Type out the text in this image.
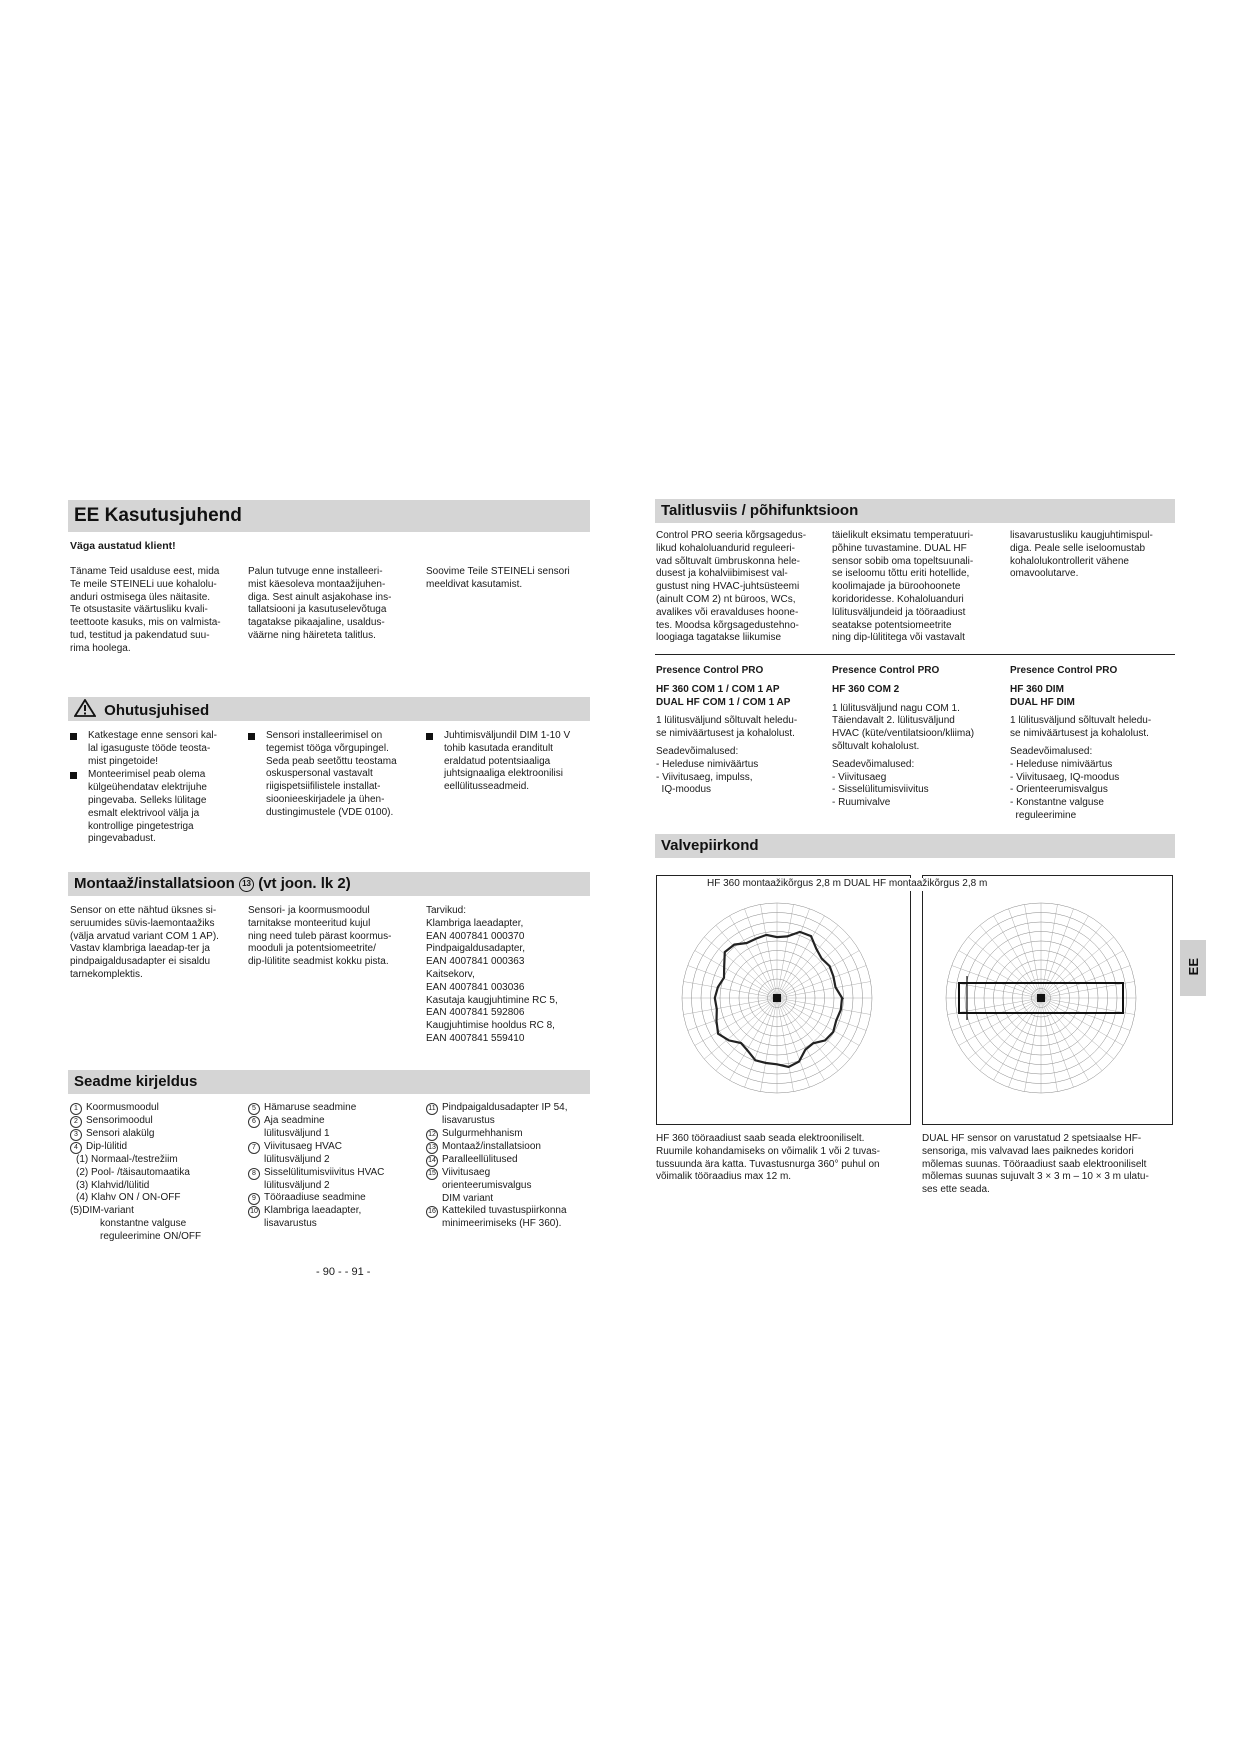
EE Kasutusjuhend
Väga austatud klient!
Täname Teid usalduse eest, mida
Te meile STEINELi uue kohalolu-
anduri ostmisega üles näitasite.
Te otsustasite väärtusliku kvali-
teettoote kasuks, mis on valmista-
tud, testitud ja pakendatud suu-
rima hoolega.
Palun tutvuge enne installeeri-
mist käesoleva montaažijuhen-
diga. Sest ainult asjakohase ins-
tallatsiooni ja kasutuselevõtuga
tagatakse pikaajaline, usaldus-
väärne ning häireteta talitlus.
Soovime Teile STEINELi sensori
meeldivat kasutamist.
Ohutusjuhised
Katkestage enne sensori kal-
lal igasuguste tööde teosta-
mist pingetoide!
Monteerimisel peab olema
külgeühendatav elektrijuhe
pingevaba. Selleks lülitage
esmalt elektrivool välja ja
kontrollige pingetestriga
pingevabadust.
Sensori installeerimisel on
tegemist tööga võrgupingel.
Seda peab seetõttu teostama
oskuspersonal vastavalt
riigispetsiifilistele installat-
sioonieeskirjadele ja ühen-
dustingimustele (VDE 0100).
Juhtimisväljundil DIM 1-10 V
tohib kasutada eranditult
eraldatud potentsiaaliga
juhtsignaaliga elektroonilisi
eellülitusseadmeid.
Montaaž/installatsioon 13 (vt joon. lk 2)
Sensor on ette nähtud üksnes si-
seruumides süvis-laemontaažiks
(välja arvatud variant COM 1 AP).
Vastav klambriga laeadap-ter ja
pindpaigaldusadapter ei sisaldu
tarnekomplektis.
Sensori- ja koormusmoodul
tarnitakse monteeritud kujul
ning need tuleb pärast koormus-
mooduli ja potentsiomeetrite/
dip-lülitite seadmist kokku pista.
Tarvikud:
Klambriga laeadapter,
EAN 4007841 000370
Pindpaigaldusadapter,
EAN 4007841 000363
Kaitsekorv,
EAN 4007841 003036
Kasutaja kaugjuhtimine RC 5,
EAN 4007841 592806
Kaugjuhtimise hooldus RC 8,
EAN 4007841 559410
Seadme kirjeldus
1 Koormusmoodul
2 Sensorimoodul
3 Sensori alakülg
4 Dip-lülitid
(1) Normaal-/testrežiim
(2) Pool- /täisautomaatika
(3) Klahvid/lülitid
(4) Klahv ON / ON-OFF
(5)DIM-variant
konstantne valguse
reguleerimine ON/OFF
5 Hämaruse seadmine
6 Aja seadmine
lülitusväljund 1
7 Viivitusaeg HVAC
lülitusväljund 2
8 Sisselülitumisviivitus HVAC
lülitusväljund 2
9 Tööraadiuse seadmine
10 Klambriga laeadapter,
lisavarustus
11 Pindpaigaldusadapter IP 54,
lisavarustus
12 Sulgurmehhanism
13 Montaaž/installatsioon
14 Paralleellülitused
15 Viivitusaeg
orienteerumisvalgus
DIM variant
16 Kattekiled tuvastuspiirkonna
minimeerimiseks (HF 360).
- 90 - - 91 -
Talitlusviis / põhifunktsioon
Control PRO seeria kõrgsagedus-
likud kohaloluandurid reguleeri-
vad sõltuvalt ümbruskonna hele-
dusest ja kohalviibimisest val-
gustust ning HVAC-juhtsüsteemi
(ainult COM 2) nt bürоos, WCs,
avalikes või eravalduses hoone-
tes. Moodsa kõrgsagedustehno-
loogiaga tagatakse liikumise
täielikult eksimatu temperatuuri-
põhine tuvastamine. DUAL HF
sensor sobib oma topeltsuunali-
se iseloomu tõttu eriti hotellide,
koolimajade ja büroohoonete
koridoridesse. Kohaloluanduri
lülitusväljundeid ja tööraadiust
seatakse potentsiomeetrite
ning dip-lülititega või vastavalt
lisavarustusliku kaugjuhtimispul-
diga. Peale selle iseloomustab
kohalolukontrollerit vähene
omavoolutarve.
Presence Control PRO
HF 360 COM 1 / COM 1 AP
DUAL HF COM 1 / COM 1 AP
1 lülitusväljund sõltuvalt heledu-
se nimiväärtusest ja kohalolust.
Seadevõimalused:
- Heleduse nimiväärtus
- Viivitusaeg, impulss,
IQ-moodus
Presence Control PRO
HF 360 COM 2
1 lülitusväljund nagu COM 1.
Täiendavalt 2. lülitusväljund
HVAC (küte/ventilatsioon/kliima)
sõltuvalt kohalolust.
Seadevõimalused:
- Viivitusaeg
- Sisselülitumisviivitus
- Ruumivalve
Presence Control PRO
HF 360 DIM
DUAL HF DIM
1 lülitusväljund sõltuvalt heledu-
se nimiväärtusest ja kohalolust.
Seadevõimalused:
- Heleduse nimiväärtus
- Viivitusaeg, IQ-moodus
- Orienteerumisvalgus
- Konstantne valguse
reguleerimine
Valvepiirkond
HF 360 montaažikõrgus 2,8 m DUAL HF montaažikõrgus 2,8 m
HF 360 tööraadiust saab seada elektrooniliselt.
Ruumile kohandamiseks on võimalik 1 või 2 tuvas-
tussuunda ära katta. Tuvastusnurga 360° puhul on
võimalik tööraadius max 12 m.
DUAL HF sensor on varustatud 2 spetsiaalse HF-
sensoriga, mis valvavad laes paiknedes koridori
mõlemas suunas. Tööraadiust saab elektrooniliselt
mõlemas suunas sujuvalt 3 × 3 m – 10 × 3 m ulatu-
ses ette seada.
EE
